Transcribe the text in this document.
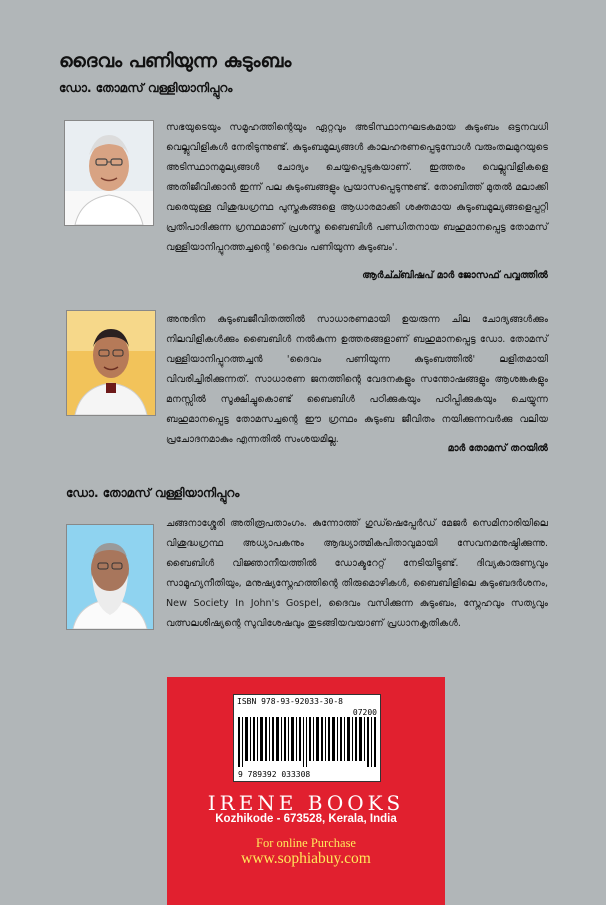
ദൈവം പണിയുന്ന കുടുംബം
ഡോ. തോമസ് വള്ളിയാനിപ്പുറം
സഭയുടെയും സമൂഹത്തിന്റെയും ഏറ്റവും അടിസ്ഥാനഘടകമായ കുടുംബം ഒട്ടനവധി വെല്ലുവിളികൾ നേരിടുന്നുണ്ട്. കുടുംബമൂല്യങ്ങൾ കാലഹരണപ്പെടുമ്പോൾ വരുംതലമുറയുടെ അടിസ്ഥാനമൂല്യങ്ങൾ ചോദ്യം ചെയ്യപ്പെടുകയാണ്. ഇത്തരം വെല്ലുവിളികളെ അതിജീവിക്കാൻ ഇന്ന് പല കുടുംബങ്ങളും പ്രയാസപ്പെടുന്നുണ്ട്. തോബിത്ത് മുതൽ മലാക്കി വരെയുള്ള വിശുദ്ധഗ്രന്ഥ പുസ്തകങ്ങളെ ആധാരമാക്കി ശക്തമായ കുടുംബമൂല്യങ്ങളെപ്പറ്റി പ്രതിപാദിക്കുന്ന ഗ്രന്ഥമാണ് പ്രശസ്ത ബൈബിൾ പണ്ഡിതനായ ബഹുമാനപ്പെട്ട തോമസ് വള്ളിയാനിപ്പുറത്തച്ചന്റെ 'ദൈവം പണിയുന്ന കുടുംബം'.
ആർച്ച്ബിഷപ് മാർ ജോസഫ് പവ്വത്തിൽ
അനുദിന കുടുംബജീവിതത്തിൽ സാധാരണമായി ഉയരുന്ന ചില ചോദ്യങ്ങൾക്കും നിലവിളികൾക്കും ബൈബിൾ നൽകുന്ന ഉത്തരങ്ങളാണ് ബഹുമാനപ്പെട്ട ഡോ. തോമസ് വള്ളിയാനിപ്പുറത്തച്ചൻ 'ദൈവം പണിയുന്ന കുടുംബത്തിൽ' ലളിതമായി വിവരിച്ചിരിക്കുന്നത്. സാധാരണ ജനത്തിന്റെ വേദനകളും സന്തോഷങ്ങളും ആശങ്കകളും മനസ്സിൽ സൂക്ഷിച്ചുകൊണ്ട് ബൈബിൾ പഠിക്കുകയും പഠിപ്പിക്കുകയും ചെയ്യുന്ന ബഹുമാനപ്പെട്ട തോമസച്ചന്റെ ഈ ഗ്രന്ഥം കുടുംബ ജീവിതം നയിക്കുന്നവർക്കു വലിയ പ്രചോദനമാകും എന്നതിൽ സംശയമില്ല.
മാർ തോമസ് തറയിൽ
ഡോ. തോമസ് വള്ളിയാനിപ്പുറം
ചങ്ങനാശ്ശേരി അതിരൂപതാംഗം. കുന്നോത്ത് ഗുഡ്ഷെപ്പേർഡ് മേജർ സെമിനാരിയിലെ വിശുദ്ധഗ്രന്ഥ അധ്യാപകനും ആദ്ധ്യാത്മികപിതാവുമായി സേവനമനുഷ്ഠിക്കുന്നു. ബൈബിൾ വിജ്ഞാനീയത്തിൽ ഡോക്ടറേറ്റ് നേടിയിട്ടുണ്ട്. ദിവ്യകാരുണ്യവും സാമൂഹ്യനീതിയും, മനുഷ്യസ്നേഹത്തിന്റെ തിരുമൊഴികൾ, ബൈബിളിലെ കുടുംബദർശനം, New Society In John's Gospel, ദൈവം വസിക്കുന്ന കുടുംബം, സ്നേഹവും സത്യവും വത്സലശിഷ്യന്റെ സുവിശേഷവും തുടങ്ങിയവയാണ് പ്രധാനകൃതികൾ.
ISBN 978-93-92033-30-8
07200
9 789392 033308
IRENE BOOKS
Kozhikode - 673528, Kerala, India
For online Purchase
www.sophiabuy.com
